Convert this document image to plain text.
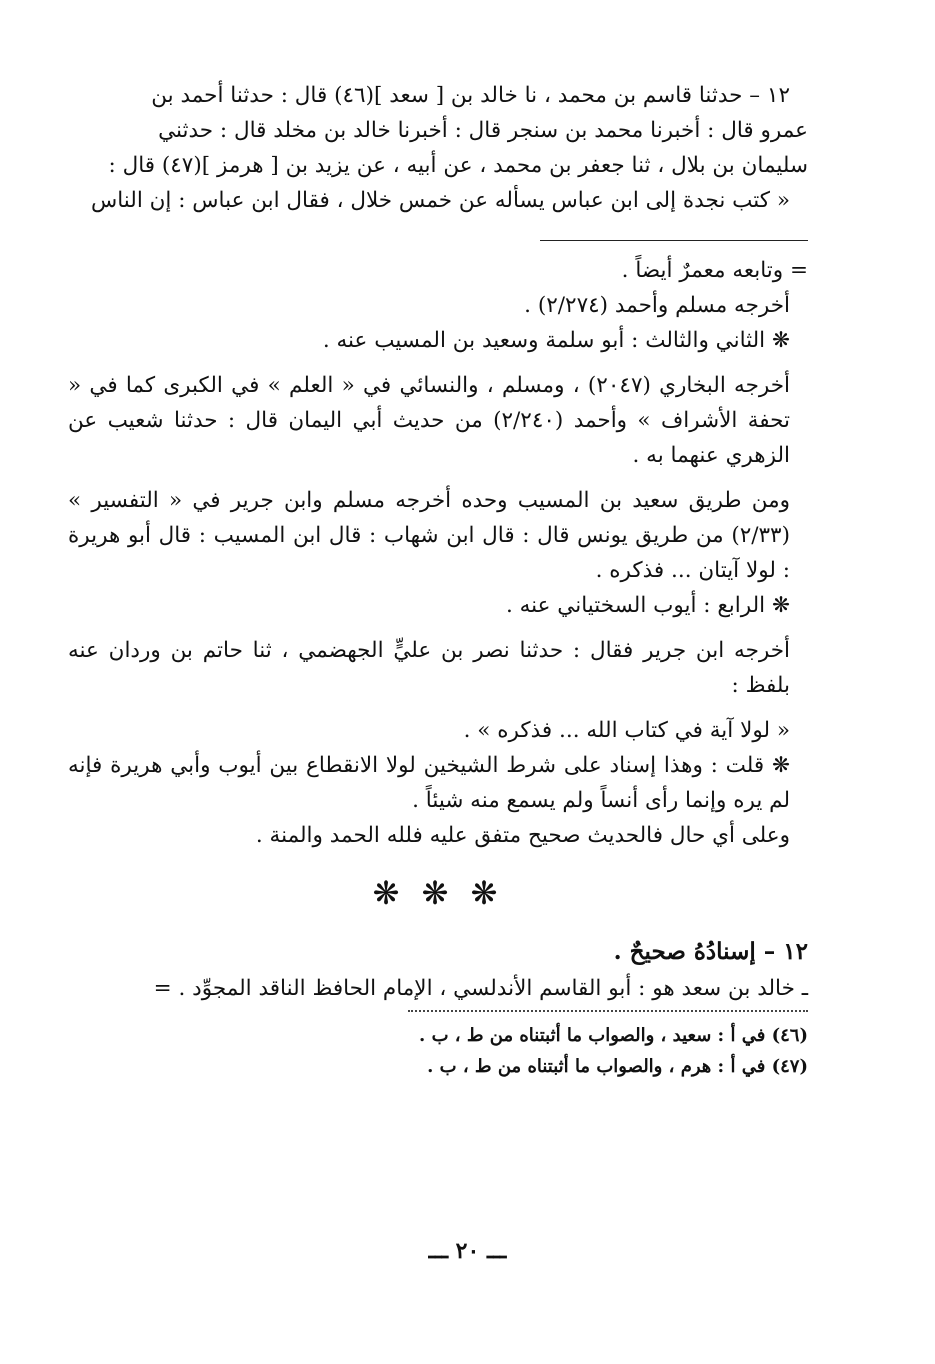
١٢ – حدثنا قاسم بن محمد ، نا خالد بن [ سعد ](٤٦) قال : حدثنا أحمد بن

عمرو قال : أخبرنا محمد بن سنجر قال : أخبرنا خالد بن مخلد قال : حدثني

سليمان بن بلال ، ثنا جعفر بن محمد ، عن أبيه ، عن يزيد بن [ هرمز ](٤٧) قال :

« كتب نجدة إلى ابن عباس يسأله عن خمس خلال ، فقال ابن عباس : إن الناس

= وتابعه معمرٌ أيضاً .

أخرجه مسلم وأحمد (٢/٢٧٤) .

❋ الثاني والثالث : أبو سلمة وسعيد بن المسيب عنه .

أخرجه البخاري (٢٠٤٧) ، ومسلم ، والنسائي في « العلم » في الكبرى كما في « تحفة الأشراف » وأحمد (٢/٢٤٠) من حديث أبي اليمان قال : حدثنا شعيب عن الزهري عنهما به .

ومن طريق سعيد بن المسيب وحده أخرجه مسلم وابن جرير في « التفسير » (٢/٣٣) من طريق يونس قال : قال ابن شهاب : قال ابن المسيب : قال أبو هريرة : لولا آيتان ... فذكره .

❋ الرابع : أيوب السختياني عنه .

أخرجه ابن جرير فقال : حدثنا نصر بن عليٍّ الجهضمي ، ثنا حاتم بن وردان عنه بلفظ :

« لولا آية في كتاب الله ... فذكره » .

❋ قلت : وهذا إسناد على شرط الشيخين لولا الانقطاع بين أيوب وأبي هريرة فإنه لم يره وإنما رأى أنساً ولم يسمع منه شيئاً .

وعلى أي حال فالحديث صحيح متفق عليه فلله الحمد والمنة .

❋ ❋ ❋

١٢ – إسنادُهُ صحيحٌ .

ـ خالد بن سعد هو : أبو القاسم الأندلسي ، الإمام الحافظ الناقد المجوِّد . =

(٤٦) في أ : سعيد ، والصواب ما أثبتناه من ط ، ب .

(٤٧) في أ : هرم ، والصواب ما أثبتناه من ط ، ب .

ـــ ٢٠ ـــ
